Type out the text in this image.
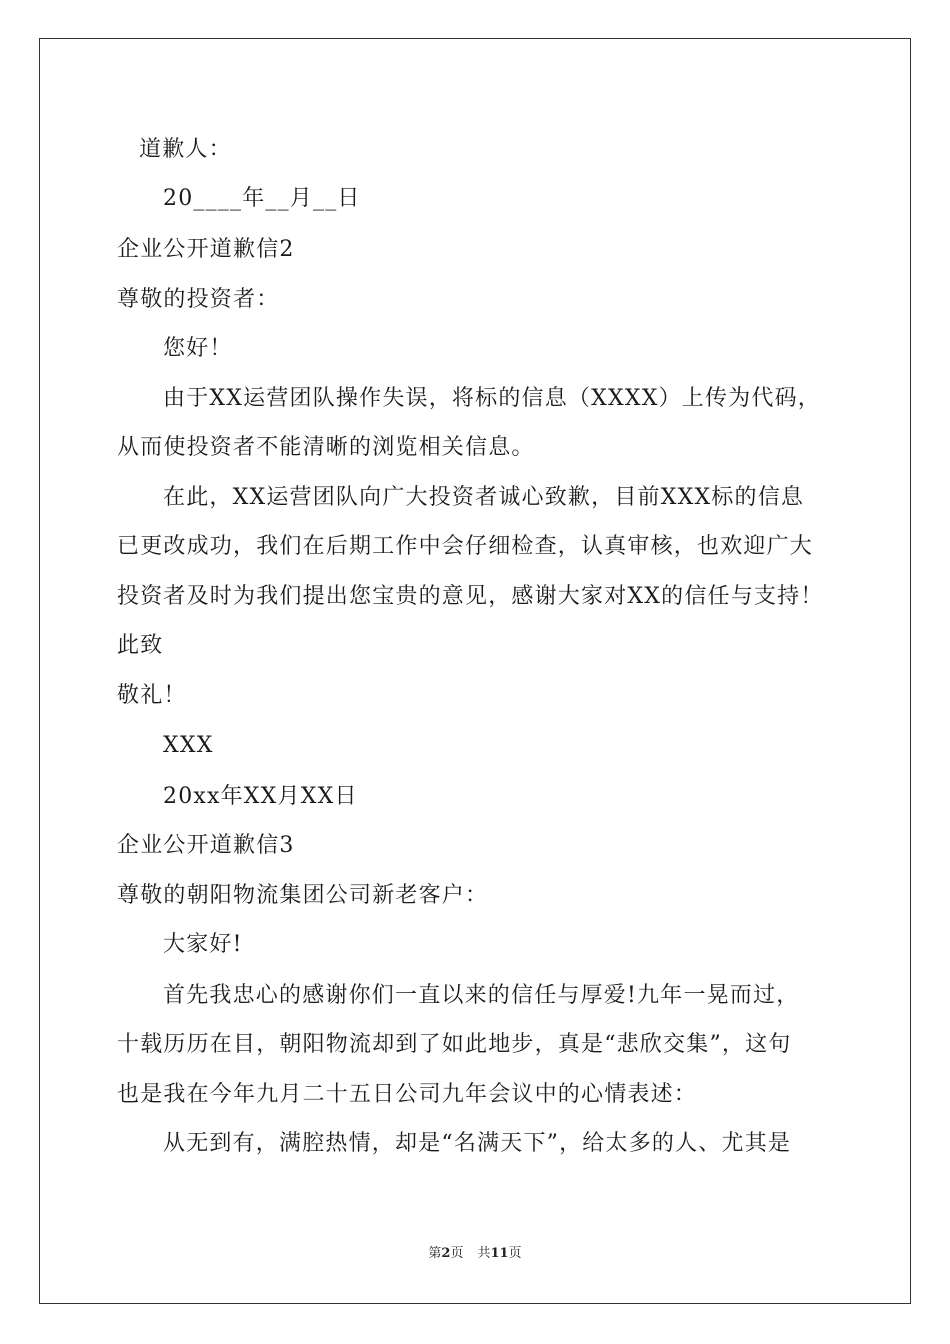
道歉人：
20____年__月__日
企业公开道歉信2
尊敬的投资者：
您好！
由于XX运营团队操作失误，将标的信息（XXXX）上传为代码，
从而使投资者不能清晰的浏览相关信息。
在此，XX运营团队向广大投资者诚心致歉，目前XXX标的信息
已更改成功，我们在后期工作中会仔细检查，认真审核，也欢迎广大
投资者及时为我们提出您宝贵的意见，感谢大家对XX的信任与支持！
此致
敬礼！
XXX
20xx年XX月XX日
企业公开道歉信3
尊敬的朝阳物流集团公司新老客户：
大家好!
首先我忠心的感谢你们一直以来的信任与厚爱!九年一晃而过，
十载历历在目，朝阳物流却到了如此地步，真是“悲欣交集”，这句
也是我在今年九月二十五日公司九年会议中的心情表述：
从无到有，满腔热情，却是“名满天下”，给太多的人、尤其是
第2页 共11页
